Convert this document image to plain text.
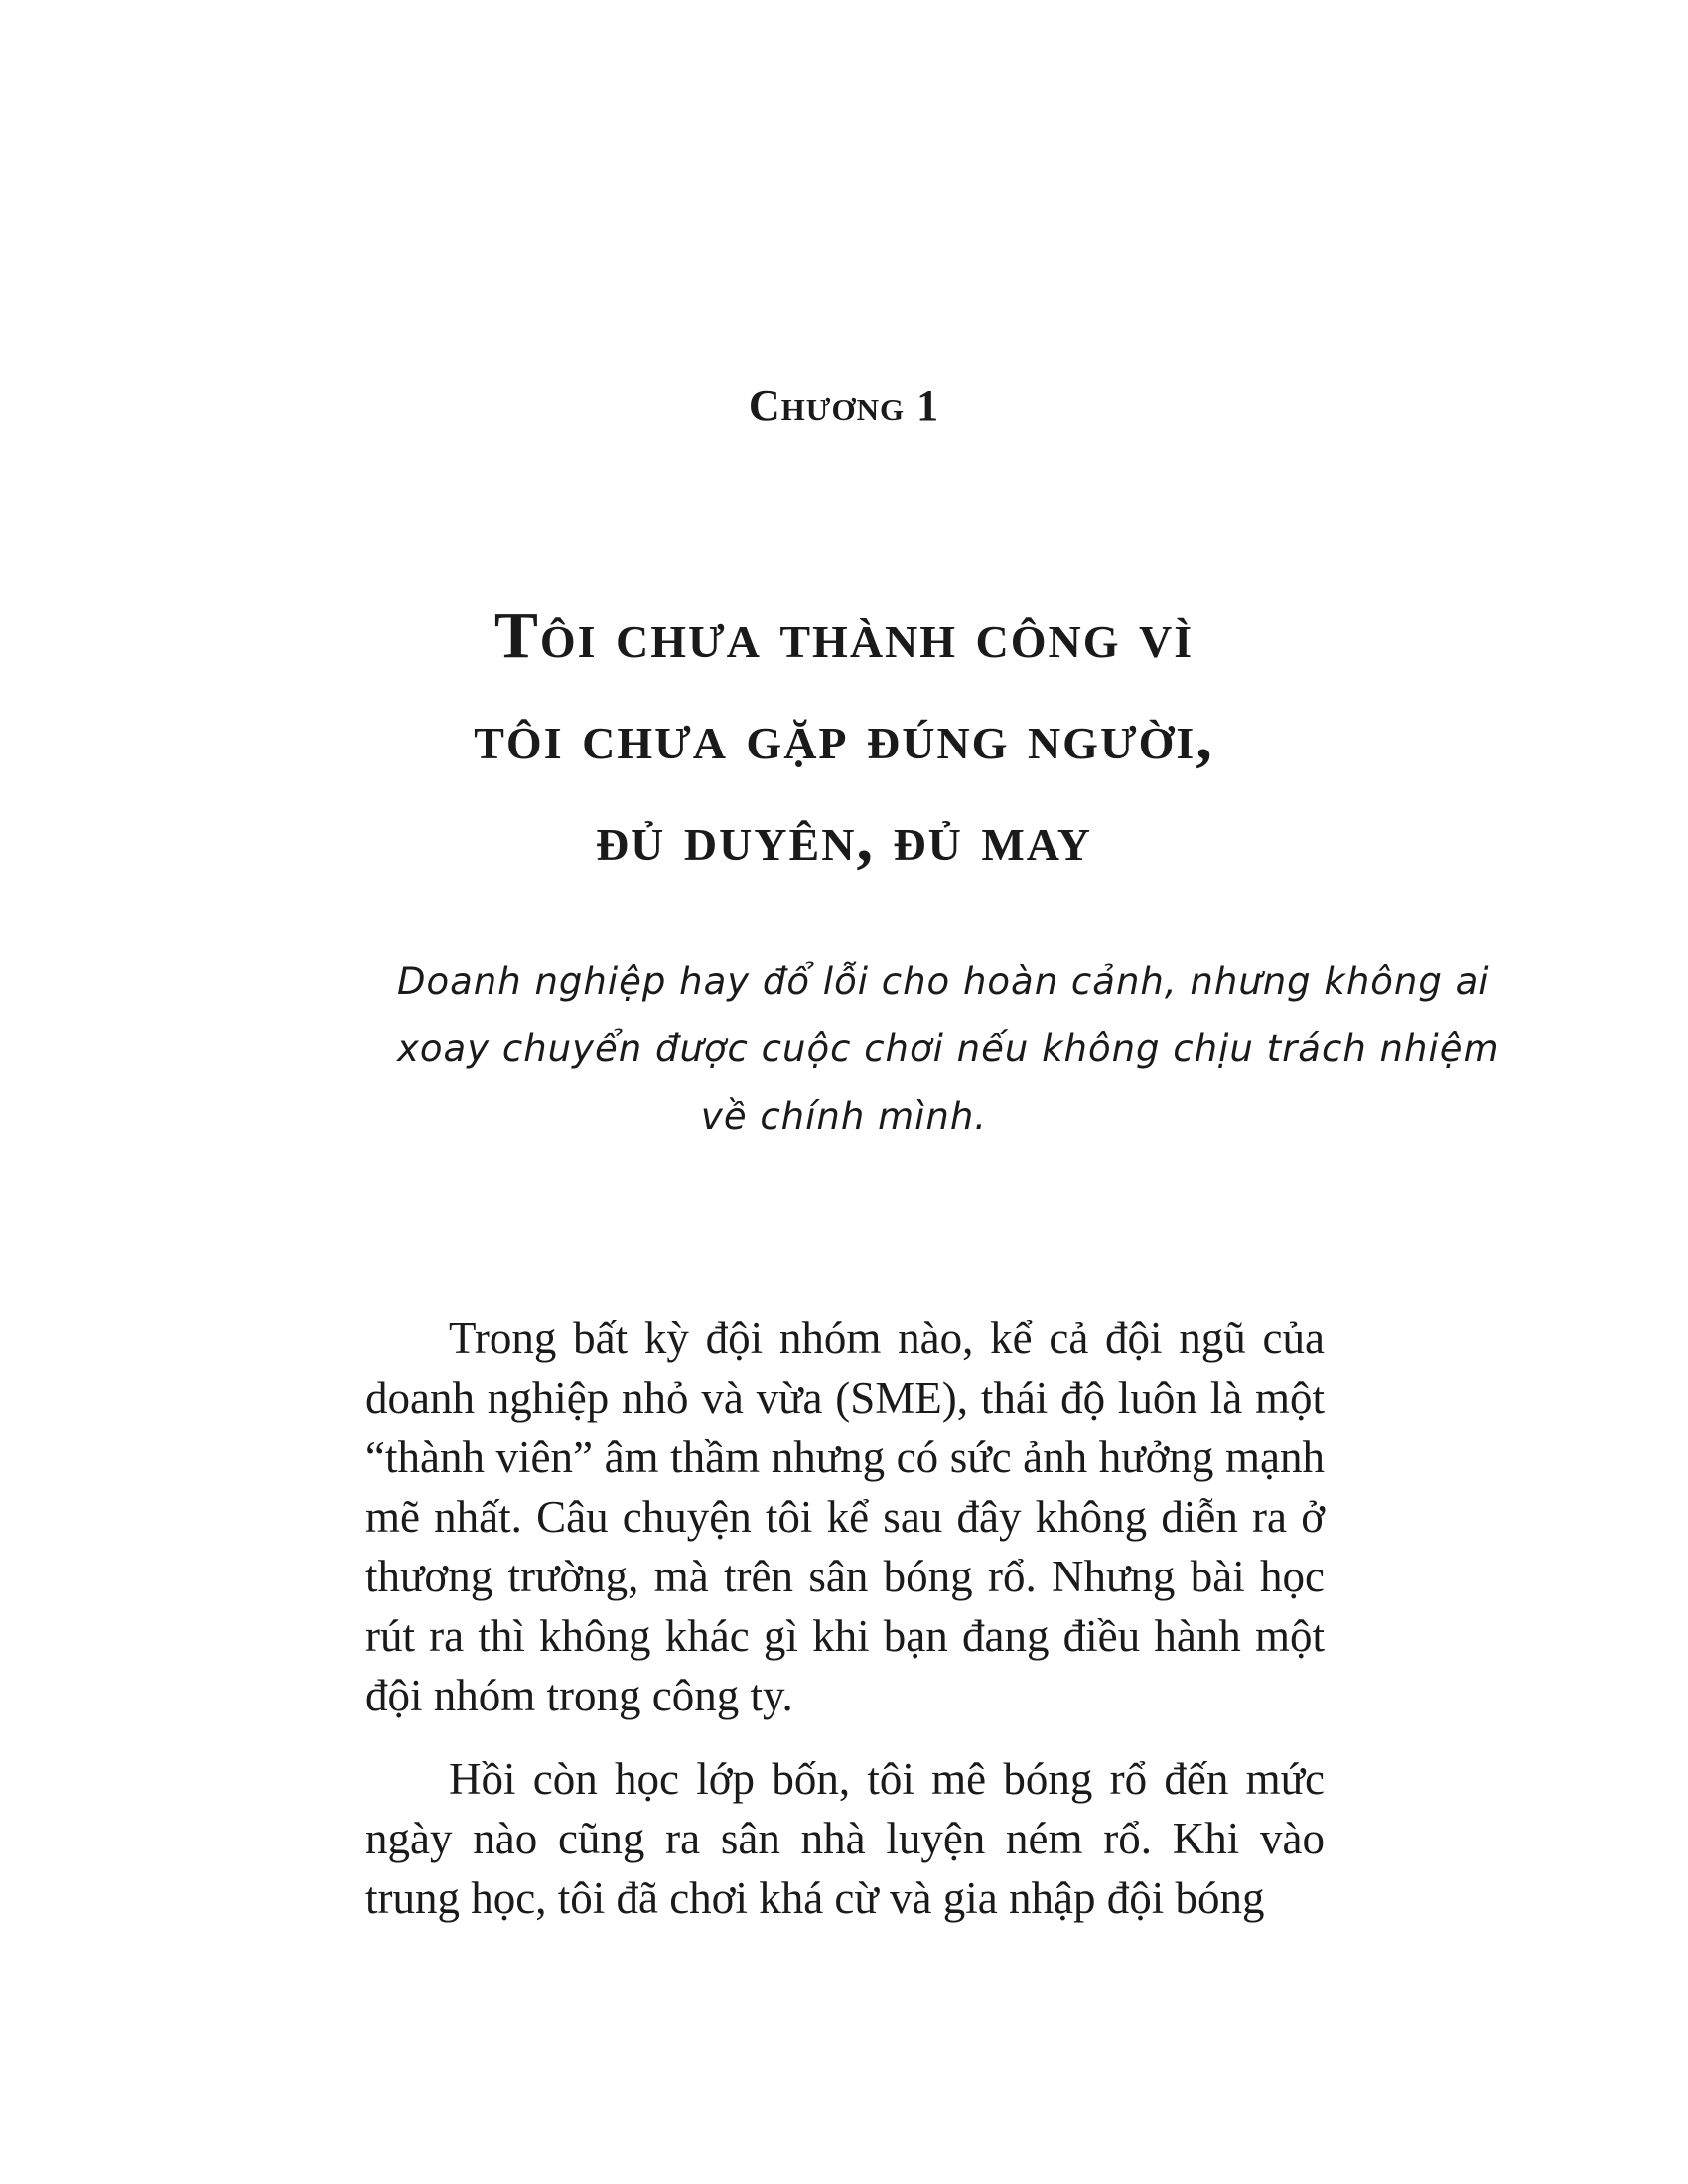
Chương 1
Tôi chưa thành công vì
tôi chưa gặp đúng người,
đủ duyên, đủ may
Doanh nghiệp hay đổ lỗi cho hoàn cảnh, nhưng không ai
xoay chuyển được cuộc chơi nếu không chịu trách nhiệm
về chính mình.

Trong bất kỳ đội nhóm nào, kể cả đội ngũ của doanh nghiệp nhỏ và vừa (SME), thái độ luôn là một “thành viên” âm thầm nhưng có sức ảnh hưởng mạnh mẽ nhất. Câu chuyện tôi kể sau đây không diễn ra ở thương trường, mà trên sân bóng rổ. Nhưng bài học rút ra thì không khác gì khi bạn đang điều hành một đội nhóm trong công ty.

Hồi còn học lớp bốn, tôi mê bóng rổ đến mức ngày nào cũng ra sân nhà luyện ném rổ. Khi vào trung học, tôi đã chơi khá cừ và gia nhập đội bóng
